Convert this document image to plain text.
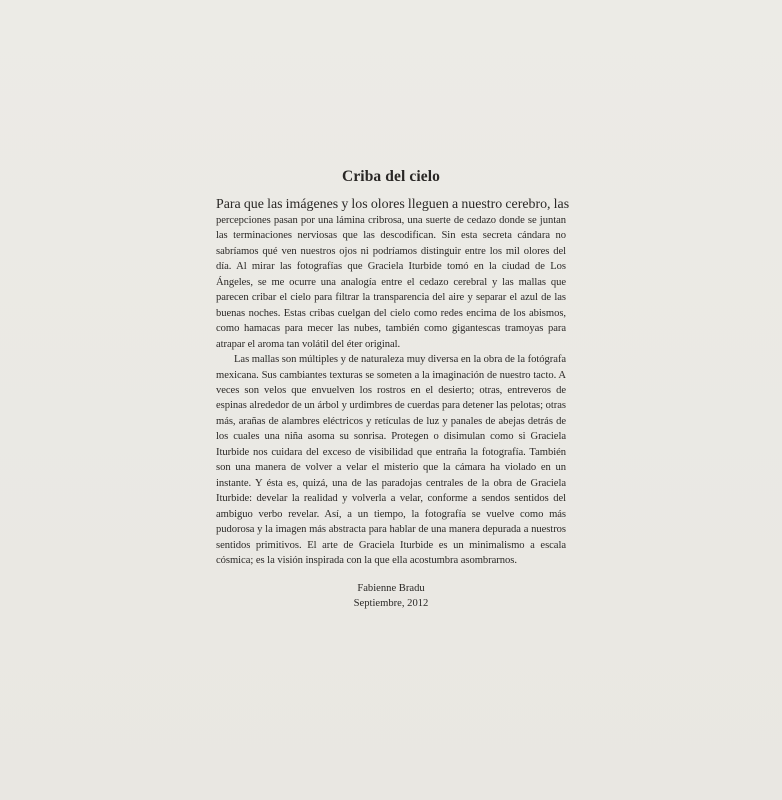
Criba del cielo

Para que las imágenes y los olores lleguen a nuestro cerebro, las

percepciones pasan por una lámina cribrosa, una suerte de cedazo donde se juntan las terminaciones nerviosas que las descodifican. Sin esta secreta cándara no sabríamos qué ven nuestros ojos ni podríamos distinguir entre los mil olores del día. Al mirar las fotografías que Graciela Iturbide tomó en la ciudad de Los Ángeles, se me ocurre una analogía entre el cedazo cerebral y las mallas que parecen cribar el cielo para filtrar la transparencia del aire y separar el azul de las buenas noches. Estas cribas cuelgan del cielo como redes encima de los abismos, como hamacas para mecer las nubes, también como gigantescas tramoyas para atrapar el aroma tan volátil del éter original.

Las mallas son múltiples y de naturaleza muy diversa en la obra de la fotógrafa mexicana. Sus cambiantes texturas se someten a la imaginación de nuestro tacto. A veces son velos que envuelven los rostros en el desierto; otras, entreveros de espinas alrededor de un árbol y urdimbres de cuerdas para detener las pelotas; otras más, arañas de alambres eléctricos y retículas de luz y panales de abejas detrás de los cuales una niña asoma su sonrisa. Protegen o disimulan como si Graciela Iturbide nos cuidara del exceso de visibilidad que entraña la fotografía. También son una manera de volver a velar el misterio que la cámara ha violado en un instante. Y ésta es, quizá, una de las paradojas centrales de la obra de Graciela Iturbide: develar la realidad y volverla a velar, conforme a sendos sentidos del ambiguo verbo revelar. Así, a un tiempo, la fotografía se vuelve como más pudorosa y la imagen más abstracta para hablar de una manera depurada a nuestros sentidos primitivos. El arte de Graciela Iturbide es un minimalismo a escala cósmica; es la visión inspirada con la que ella acostumbra asombrarnos.

Fabienne Bradu
Septiembre, 2012
